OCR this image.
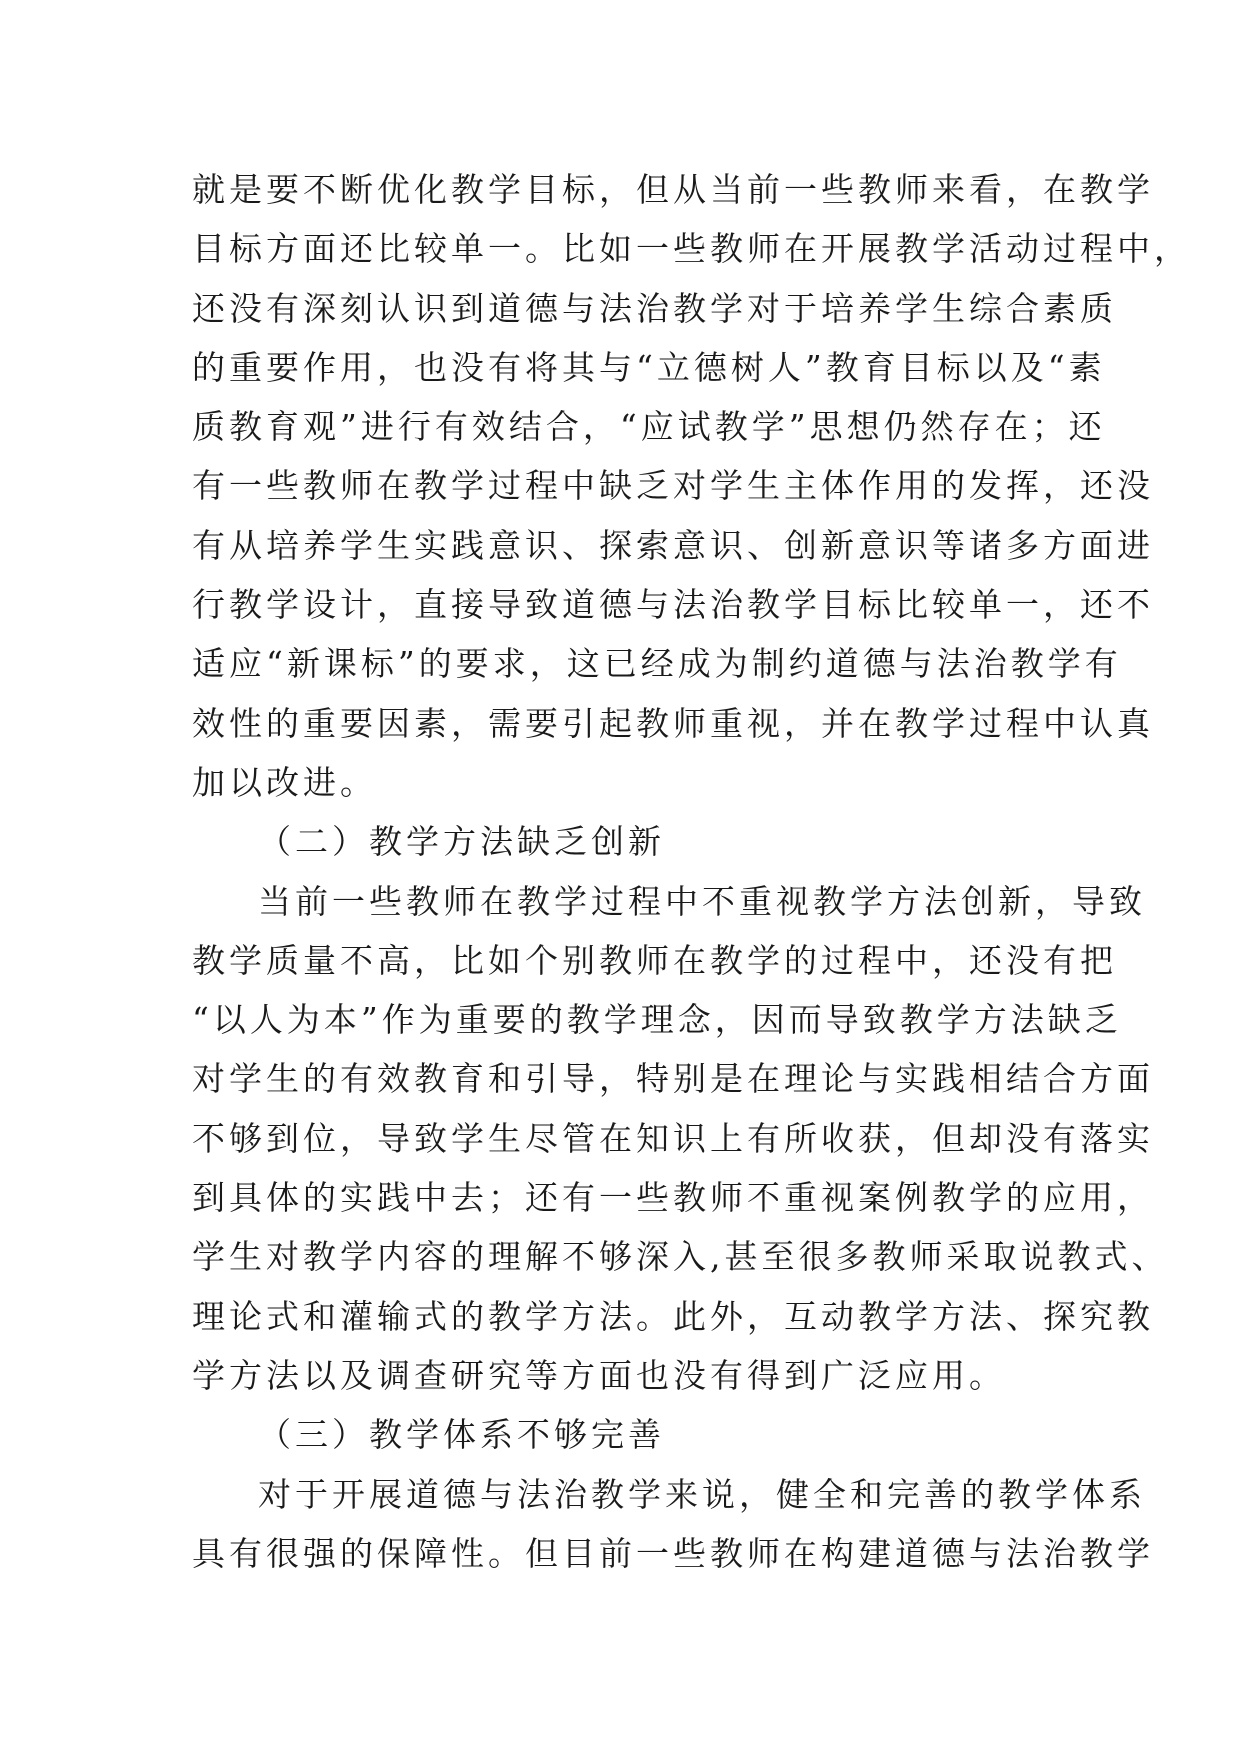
就是要不断优化教学目标，但从当前一些教师来看，在教学
目标方面还比较单一。比如一些教师在开展教学活动过程中，
还没有深刻认识到道德与法治教学对于培养学生综合素质
的重要作用，也没有将其与“立德树人”教育目标以及“素
质教育观”进行有效结合，“应试教学”思想仍然存在；还
有一些教师在教学过程中缺乏对学生主体作用的发挥，还没
有从培养学生实践意识、探索意识、创新意识等诸多方面进
行教学设计，直接导致道德与法治教学目标比较单一，还不
适应“新课标”的要求，这已经成为制约道德与法治教学有
效性的重要因素，需要引起教师重视，并在教学过程中认真
加以改进。
（二）教学方法缺乏创新
当前一些教师在教学过程中不重视教学方法创新，导致
教学质量不高，比如个别教师在教学的过程中，还没有把
“以人为本”作为重要的教学理念，因而导致教学方法缺乏
对学生的有效教育和引导，特别是在理论与实践相结合方面
不够到位，导致学生尽管在知识上有所收获，但却没有落实
到具体的实践中去；还有一些教师不重视案例教学的应用，
学生对教学内容的理解不够深入,甚至很多教师采取说教式、
理论式和灌输式的教学方法。此外，互动教学方法、探究教
学方法以及调查研究等方面也没有得到广泛应用。
（三）教学体系不够完善
对于开展道德与法治教学来说，健全和完善的教学体系
具有很强的保障性。但目前一些教师在构建道德与法治教学
